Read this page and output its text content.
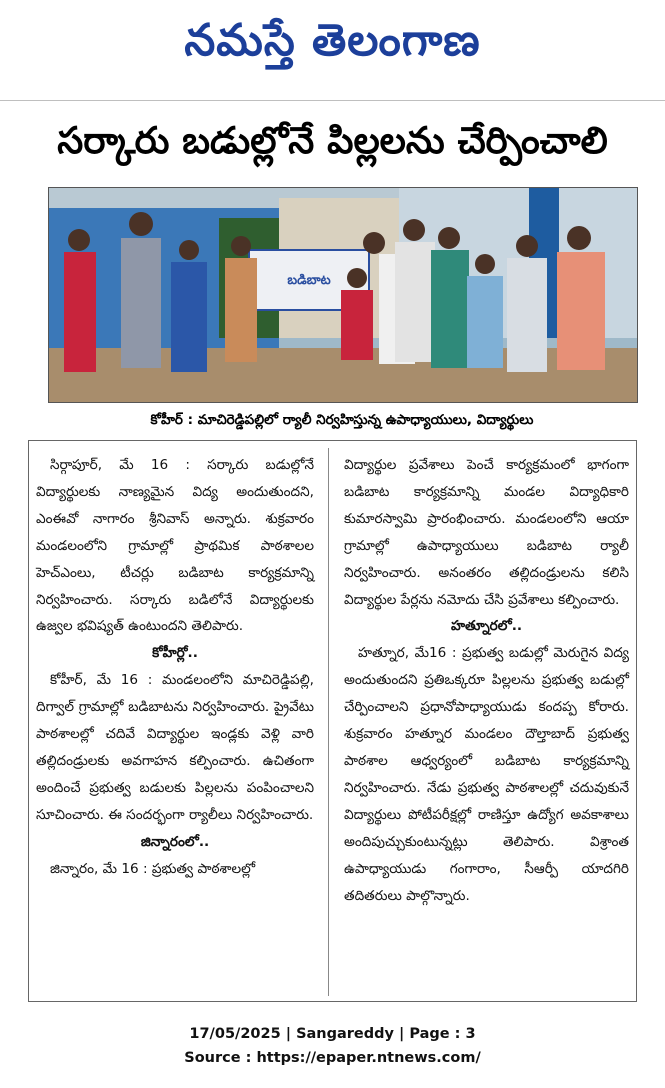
నమస్తే తెలంగాణ
సర్కారు బడుల్లోనే పిల్లలను చేర్పించాలి
బడిబాట
కోహీర్ : మాచిరెడ్డిపల్లిలో ర్యాలీ నిర్వహిస్తున్న ఉపాధ్యాయులు, విద్యార్థులు

సిర్గాపూర్, మే 16 : సర్కారు బడుల్లోనే విద్యార్థులకు నాణ్యమైన విద్య అందుతుందని, ఎంఈవో నాగారం శ్రీనివాస్ అన్నారు. శుక్రవారం మండలంలోని గ్రామాల్లో ప్రాథమిక పాఠశాలల హెచ్ఎంలు, టీచర్లు బడిబాట కార్యక్రమాన్ని నిర్వహించారు. సర్కారు బడిలోనే విద్యార్థులకు ఉజ్వల భవిష్యత్ ఉంటుందని తెలిపారు.

కోహీర్లో..

కోహీర్, మే 16 : మండలంలోని మాచిరెడ్డిపల్లి, దిగ్వాల్ గ్రామాల్లో బడిబాటను నిర్వహించారు. ప్రైవేటు పాఠశాలల్లో చదివే విద్యార్థుల ఇండ్లకు వెళ్లి వారి తల్లిదండ్రులకు అవగాహన కల్పించారు. ఉచితంగా అందించే ప్రభుత్వ బడులకు పిల్లలను పంపించాలని సూచించారు. ఈ సందర్భంగా ర్యాలీలు నిర్వహించారు.

జిన్నారంలో..

జిన్నారం, మే 16 : ప్రభుత్వ పాఠశాలల్లో

విద్యార్థుల ప్రవేశాలు పెంచే కార్యక్రమంలో భాగంగా బడిబాట కార్యక్రమాన్ని మండల విద్యాధికారి కుమారస్వామి ప్రారంభించారు. మండలంలోని ఆయా గ్రామాల్లో ఉపాధ్యాయులు బడిబాట ర్యాలీ నిర్వహించారు. అనంతరం తల్లిదండ్రులను కలిసి విద్యార్థుల పేర్లను నమోదు చేసి ప్రవేశాలు కల్పించారు.

హత్నూరలో..

హత్నూర, మే16 : ప్రభుత్వ బడుల్లో మెరుగైన విద్య అందుతుందని ప్రతిఒక్కరూ పిల్లలను ప్రభుత్వ బడుల్లో చేర్పించాలని ప్రధానోపాధ్యాయుడు కందప్ప కోరారు. శుక్రవారం హత్నూర మండలం దౌల్తాబాద్ ప్రభుత్వ పాఠశాల ఆధ్వర్యంలో బడిబాట కార్యక్రమాన్ని నిర్వహించారు. నేడు ప్రభుత్వ పాఠశాలల్లో చదువుకునే విద్యార్థులు పోటీపరీక్షల్లో రాణిస్తూ ఉద్యోగ అవకాశాలు అందిపుచ్చుకుంటున్నట్లు తెలిపారు. విశ్రాంత ఉపాధ్యాయుడు గంగారాం, సీఆర్పీ యాదగిరి తదితరులు పాల్గొన్నారు.

17/05/2025 | Sangareddy | Page : 3
Source : https://epaper.ntnews.com/
